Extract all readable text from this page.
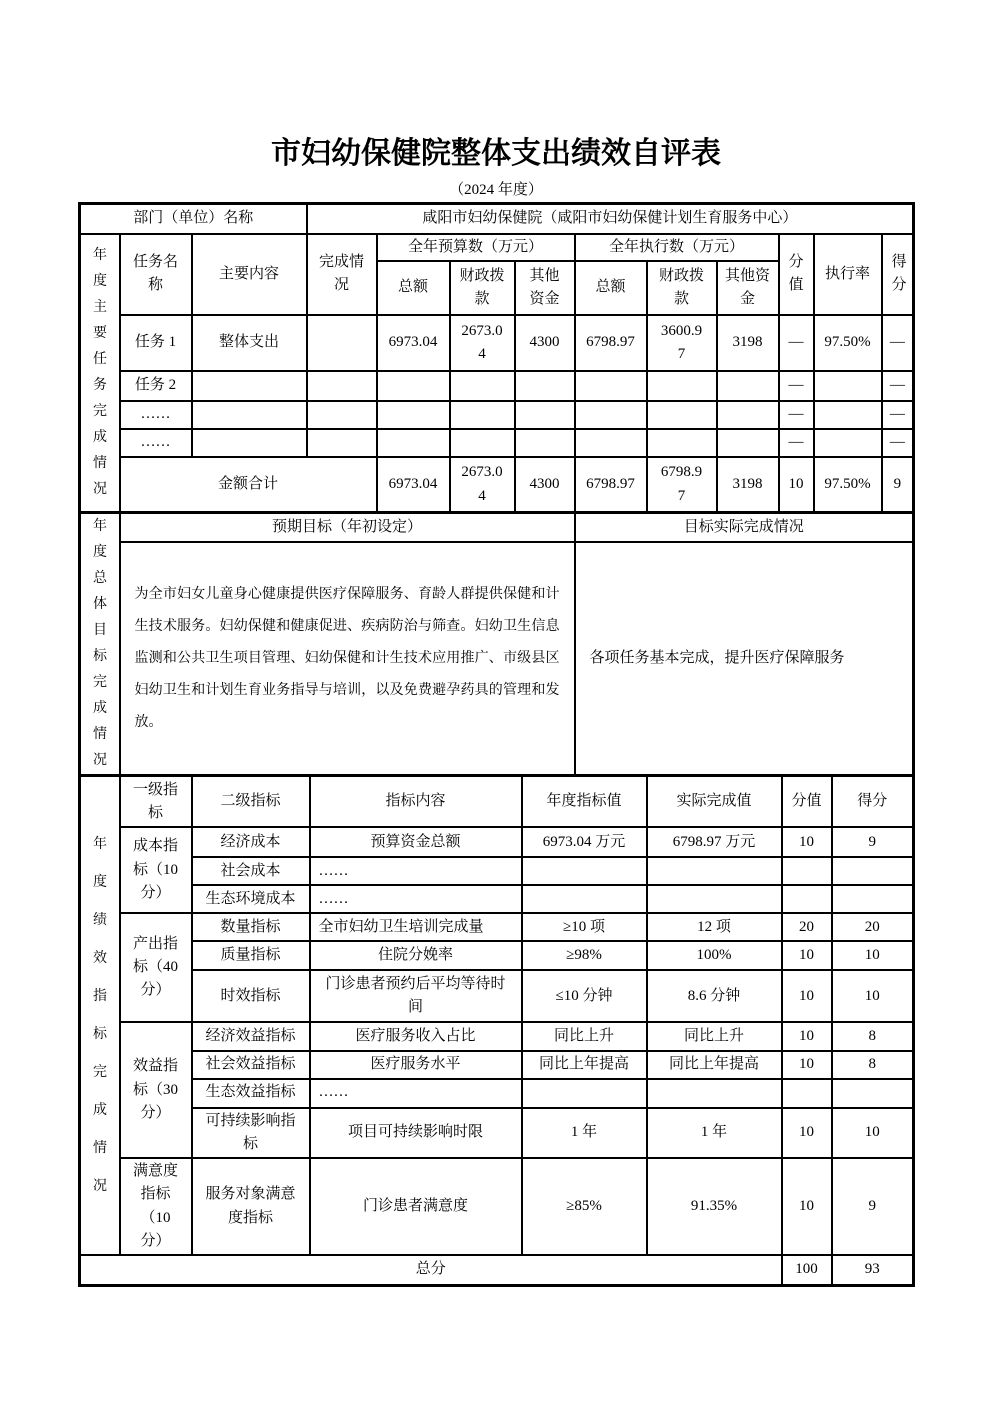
市妇幼保健院整体支出绩效自评表
（2024 年度）
部门（单位）名称			咸阳市妇幼保健院（咸阳市妇幼保健计划生育服务中心）									
年度主要任务完成情况	任务名称	主要内容	完成情况	全年预算数（万元）			全年执行数（万元）			分值	执行率	得分
				总额	财政拨款	其他资金	总额	财政拨款	其他资金			
	任务 1	整体支出		6973.04	2673.04	4300	6798.97	3600.97	3198	—	97.50%	—
	任务 2									—		—
	……									—		—
	……									—		—
	金额合计			6973.04	2673.04	4300	6798.97	6798.97	3198	10	97.50%	9
年度总体目标完成情况	预期目标（年初设定）	目标实际完成情况
	为全市妇女儿童身心健康提供医疗保障服务、育龄人群提供保健和计生技术服务。妇幼保健和健康促进、疾病防治与筛查。妇幼卫生信息监测和公共卫生项目管理、妇幼保健和计生技术应用推广、市级县区妇幼卫生和计划生育业务指导与培训，以及免费避孕药具的管理和发放。	各项任务基本完成，提升医疗保障服务
年度绩效指标完成情况	一级指标	二级指标	指标内容	年度指标值	实际完成值	分值	得分
	成本指标（10分）	经济成本	预算资金总额	6973.04 万元	6798.97 万元	10	9
		社会成本	……				
		生态环境成本	……				
	产出指标（40分）	数量指标	全市妇幼卫生培训完成量	≥10 项	12 项	20	20
		质量指标	住院分娩率	≥98%	100%	10	10
		时效指标	门诊患者预约后平均等待时间	≤10 分钟	8.6 分钟	10	10
	效益指标（30分）	经济效益指标	医疗服务收入占比	同比上升	同比上升	10	8
		社会效益指标	医疗服务水平	同比上年提高	同比上年提高	10	8
		生态效益指标	……				
		可持续影响指标	项目可持续影响时限	1 年	1 年	10	10
	满意度指标（10分）	服务对象满意度指标	门诊患者满意度	≥85%	91.35%	10	9
总分						100	93
